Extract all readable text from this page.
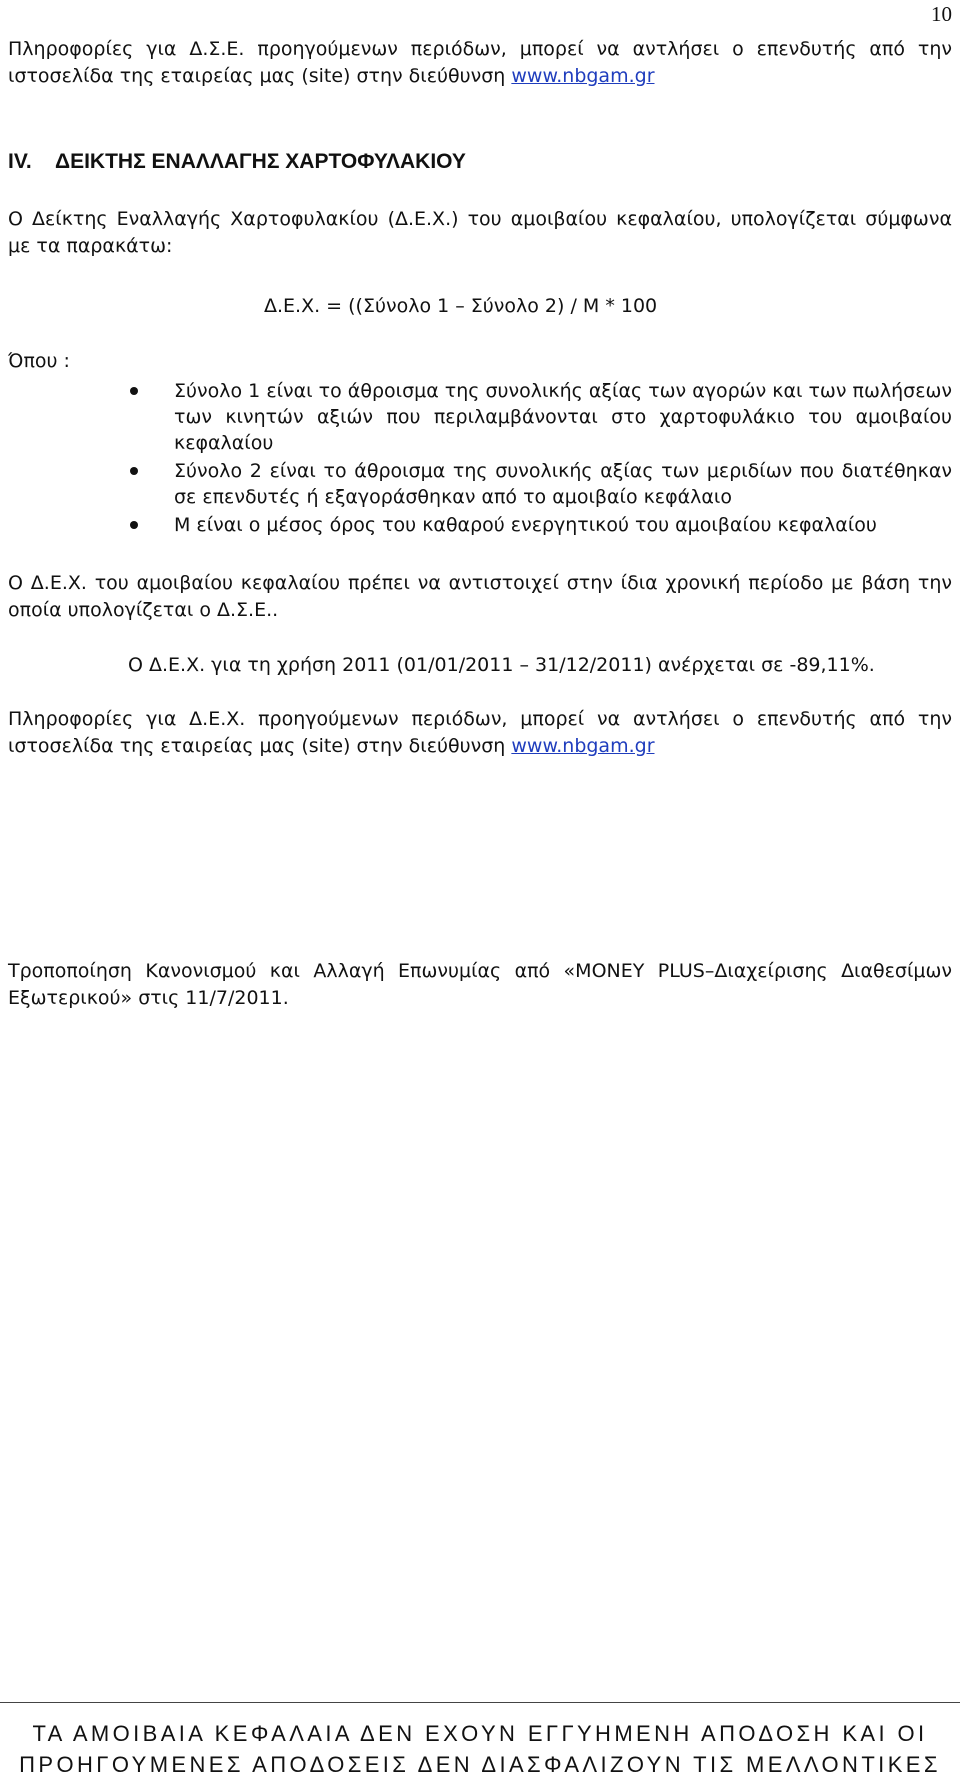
10

Πληροφορίες για Δ.Σ.Ε. προηγούμενων περιόδων, μπορεί να αντλήσει ο επενδυτής από την ιστοσελίδα της εταιρείας μας (site) στην διεύθυνση www.nbgam.gr

IV. ΔΕΙΚΤΗΣ ΕΝΑΛΛΑΓΗΣ ΧΑΡΤΟΦΥΛΑΚΙΟΥ

Ο Δείκτης Εναλλαγής Χαρτοφυλακίου (Δ.Ε.Χ.) του αμοιβαίου κεφαλαίου, υπολογίζεται σύμφωνα με τα παρακάτω:

Δ.Ε.Χ. = ((Σύνολο 1 – Σύνολο 2) / Μ * 100
Όπου :
Σύνολο 1 είναι το άθροισμα της συνολικής αξίας των αγορών και των πωλήσεων των κινητών αξιών που περιλαμβάνονται στο χαρτοφυλάκιο του αμοιβαίου κεφαλαίου
Σύνολο 2 είναι το άθροισμα της συνολικής αξίας των μεριδίων που διατέθηκαν σε επενδυτές ή εξαγοράσθηκαν από το αμοιβαίο κεφάλαιο
Μ είναι ο μέσος όρος του καθαρού ενεργητικού του αμοιβαίου κεφαλαίου

Ο Δ.Ε.Χ. του αμοιβαίου κεφαλαίου πρέπει να αντιστοιχεί στην ίδια χρονική περίοδο με βάση την οποία υπολογίζεται ο Δ.Σ.Ε..

Ο Δ.Ε.Χ. για τη χρήση 2011 (01/01/2011 – 31/12/2011) ανέρχεται σε -89,11%.

Πληροφορίες για Δ.Ε.Χ. προηγούμενων περιόδων, μπορεί να αντλήσει ο επενδυτής από την ιστοσελίδα της εταιρείας μας (site) στην διεύθυνση www.nbgam.gr

Τροποποίηση Κανονισμού και Αλλαγή Επωνυμίας από «MONEY PLUS–Διαχείρισης Διαθεσίμων Εξωτερικού» στις 11/7/2011.

ΤΑ ΑΜΟΙΒΑΙΑ ΚΕΦΑΛΑΙΑ ΔΕΝ ΕΧΟΥΝ ΕΓΓΥΗΜΕΝΗ ΑΠΟΔΟΣΗ ΚΑΙ ΟΙ
ΠΡΟΗΓΟΥΜΕΝΕΣ ΑΠΟΔΟΣΕΙΣ ΔΕΝ ΔΙΑΣΦΑΛΙΖΟΥΝ ΤΙΣ ΜΕΛΛΟΝΤΙΚΕΣ
